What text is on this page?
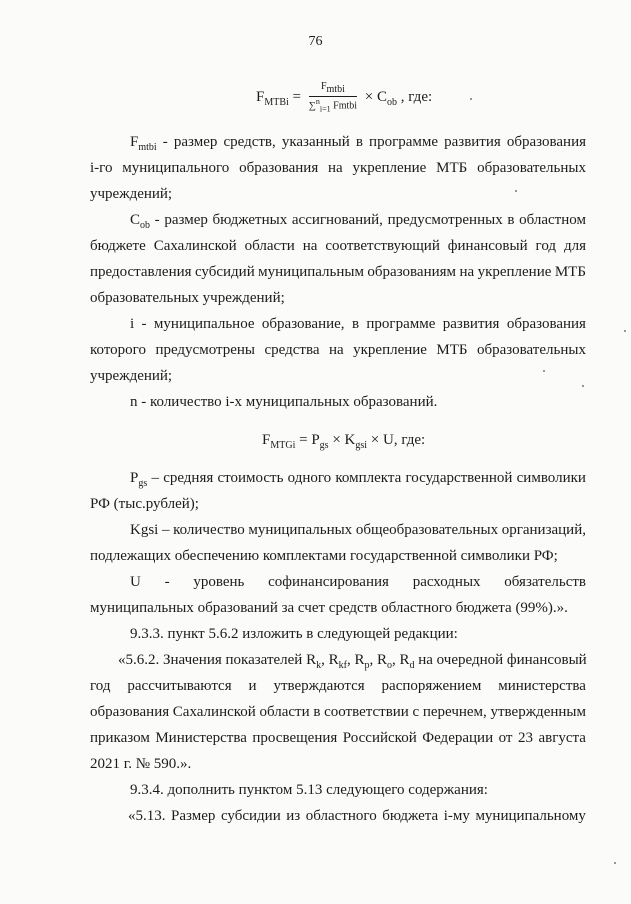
76
$F_{MTBi} = \frac{F_{mtbi}}{\sum^n_{i=1} Fmtbi} \times C_{ob}$ , где:
$F_{mtbi}$ - размер средств, указанный в программе развития образования
i-го муниципального образования на укрепление МТБ образовательных
учреждений;
$C_{ob}$ - размер бюджетных ассигнований, предусмотренных в областном
бюджете Сахалинской области на соответствующий финансовый год для
предоставления субсидий муниципальным образованиям на укрепление МТБ
образовательных учреждений;
i - муниципальное образование, в программе развития образования
которого предусмотрены средства на укрепление МТБ образовательных
учреждений;
n - количество i-х муниципальных образований.
$F_{MTGi} = P_{gs} \times K_{gsi} \times U$, где:
$P_{gs}$ – средняя стоимость одного комплекта государственной символики
РФ (тыс.рублей);
Kgsi – количество муниципальных общеобразовательных организаций,
подлежащих обеспечению комплектами государственной символики РФ;
U - уровень софинансирования расходных обязательств
муниципальных образований за счет средств областного бюджета (99%).».
9.3.3. пункт 5.6.2 изложить в следующей редакции:
«5.6.2. Значения показателей $R_k$, $R_{kf}$, $R_p$, $R_o$, $R_d$ на очередной финансовый
год рассчитываются и утверждаются распоряжением министерства
образования Сахалинской области в соответствии с перечнем, утвержденным
приказом Министерства просвещения Российской Федерации от 23 августа
2021 г. № 590.».
9.3.4. дополнить пунктом 5.13 следующего содержания:
«5.13. Размер субсидии из областного бюджета i-му муниципальному
